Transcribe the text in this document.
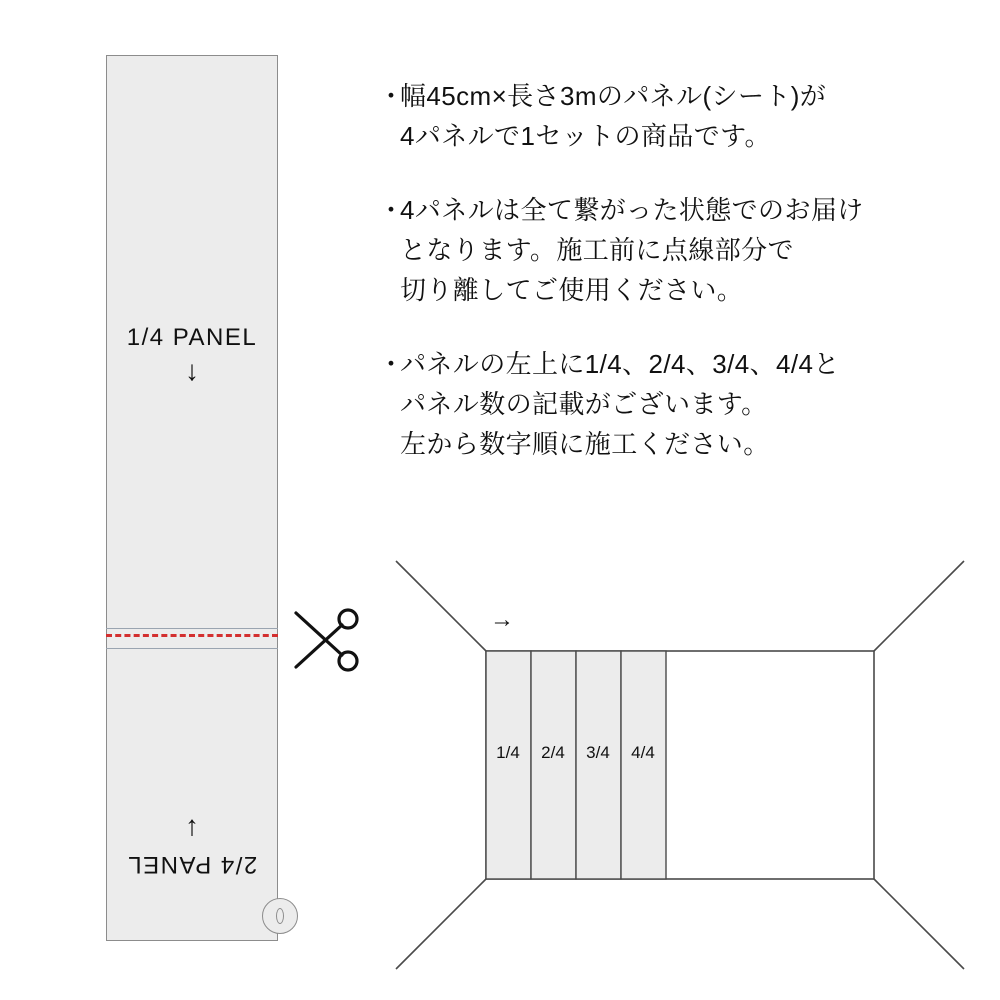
1/4 PANEL
↓
↑
2/4 PANEL
・
幅45cm×長さ3mのパネル(シート)が
4パネルで1セットの商品です。
・
4パネルは全て繋がった状態でのお届け
となります。施工前に点線部分で
切り離してご使用ください。
・
パネルの左上に1/4、2/4、3/4、4/4と
パネル数の記載がございます。
左から数字順に施工ください。
1/4	2/4	3/4	4/4
→
